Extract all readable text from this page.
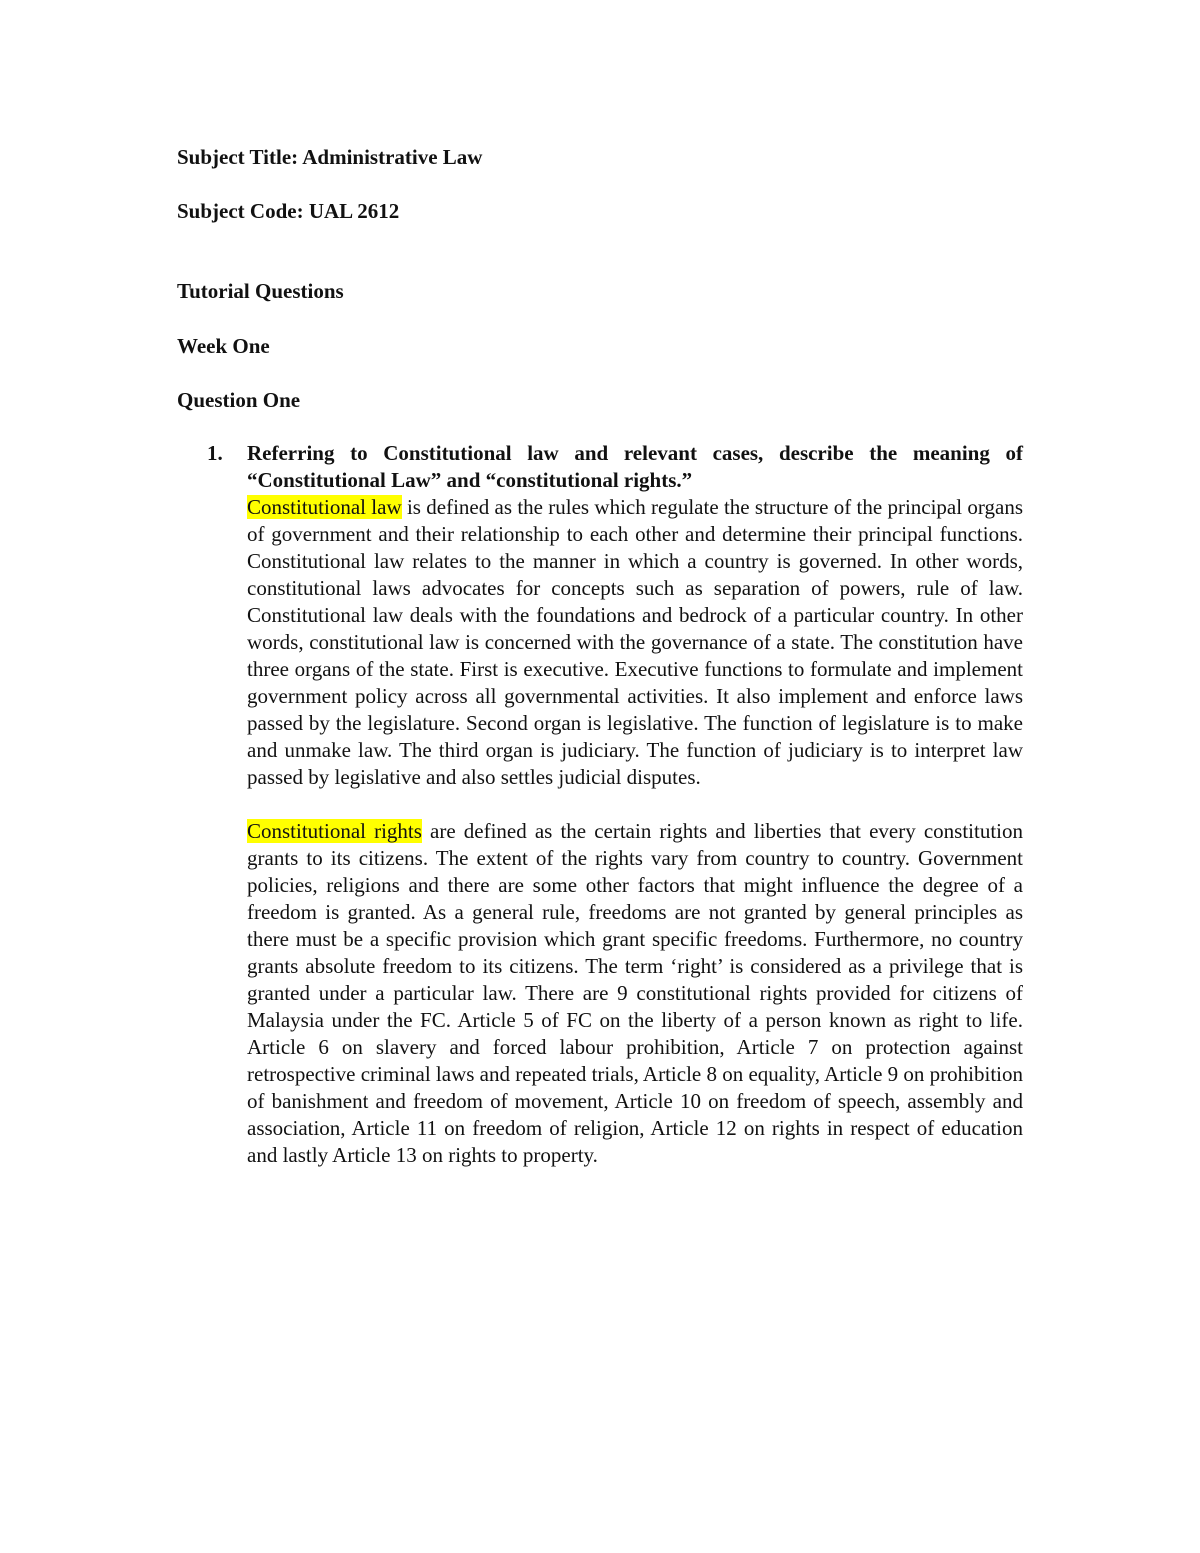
Subject Title: Administrative Law

Subject Code: UAL 2612

Tutorial Questions

Week One

Question One

1. Referring to Constitutional law and relevant cases, describe the meaning of “Constitutional Law” and “constitutional rights.”

Constitutional law is defined as the rules which regulate the structure of the principal organs of government and their relationship to each other and determine their principal functions. Constitutional law relates to the manner in which a country is governed. In other words, constitutional laws advocates for concepts such as separation of powers, rule of law. Constitutional law deals with the foundations and bedrock of a particular country. In other words, constitutional law is concerned with the governance of a state. The constitution have three organs of the state. First is executive. Executive functions to formulate and implement government policy across all governmental activities. It also implement and enforce laws passed by the legislature. Second organ is legislative. The function of legislature is to make and unmake law. The third organ is judiciary. The function of judiciary is to interpret law passed by legislative and also settles judicial disputes.

Constitutional rights are defined as the certain rights and liberties that every constitution grants to its citizens. The extent of the rights vary from country to country. Government policies, religions and there are some other factors that might influence the degree of a freedom is granted. As a general rule, freedoms are not granted by general principles as there must be a specific provision which grant specific freedoms. Furthermore, no country grants absolute freedom to its citizens. The term ‘right’ is considered as a privilege that is granted under a particular law. There are 9 constitutional rights provided for citizens of Malaysia under the FC. Article 5 of FC on the liberty of a person known as right to life. Article 6 on slavery and forced labour prohibition, Article 7 on protection against retrospective criminal laws and repeated trials, Article 8 on equality, Article 9 on prohibition of banishment and freedom of movement, Article 10 on freedom of speech, assembly and association, Article 11 on freedom of religion, Article 12 on rights in respect of education and lastly Article 13 on rights to property.
